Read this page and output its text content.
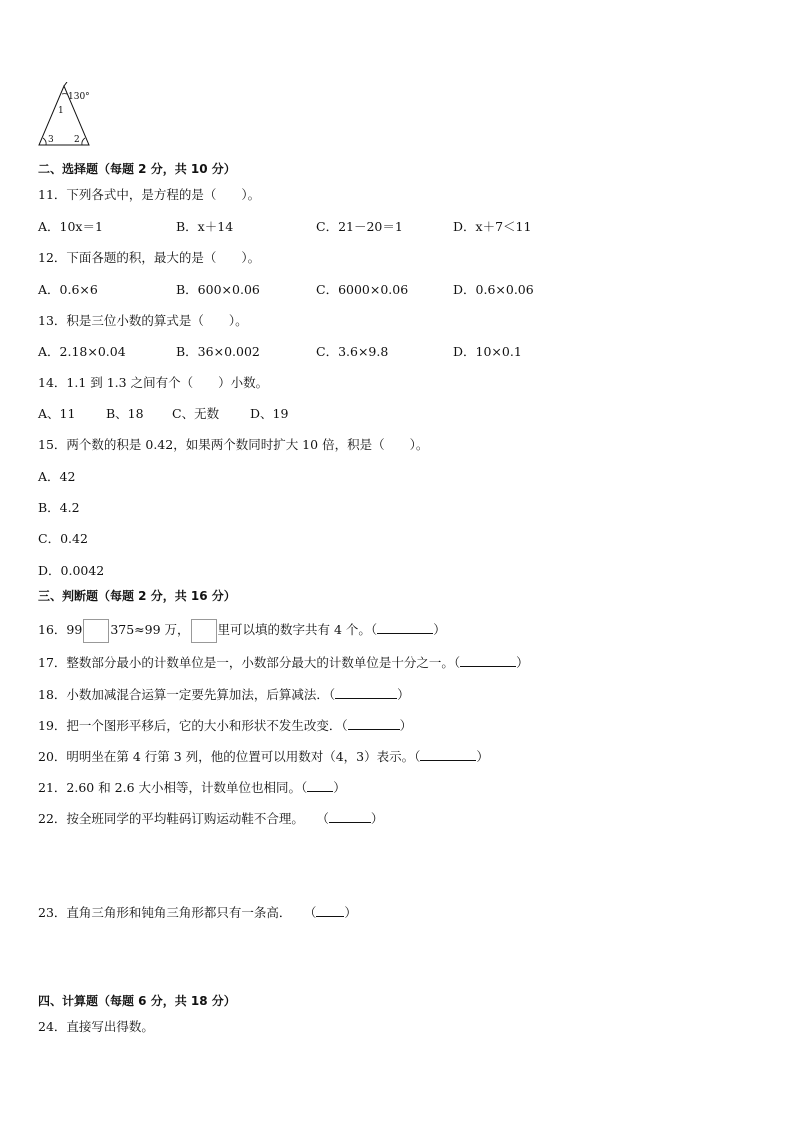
130°
1
3 2
二、选择题（每题 2 分，共 10 分）
11．下列各式中，是方程的是（　　）。
A．10x＝1	B．x＋14	C．21－20＝1	D．x＋7＜11
12．下面各题的积，最大的是（　　）。
A．0.6×6	B．600×0.06	C．6000×0.06	D．0.6×0.06
13．积是三位小数的算式是（　　）。
A．2.18×0.04	B．36×0.002	C．3.6×9.8	D．10×0.1
14．1.1 到 1.3 之间有个（　　）小数。
A、11 B、18 C、无数 D、19
15．两个数的积是 0.42，如果两个数同时扩大 10 倍，积是（　　）。
A．42
B．4.2
C．0.42
D．0.0042
三、判断题（每题 2 分，共 16 分）
16．99 375≈99 万， 里可以填的数字共有 4 个。（	）
17．整数部分最小的计数单位是一，小数部分最大的计数单位是十分之一。（	）
18．小数加减混合运算一定要先算加法，后算减法．（	）
19．把一个图形平移后，它的大小和形状不发生改变．（	）
20．明明坐在第 4 行第 3 列，他的位置可以用数对（4，3）表示。（	）
21．2.60 和 2.6 大小相等，计数单位也相同。（ ）
22．按全班同学的平均鞋码订购运动鞋不合理。　　（	）
23．直角三角形和钝角三角形都只有一条高．　　（ ）
四、计算题（每题 6 分，共 18 分）
24．直接写出得数。
